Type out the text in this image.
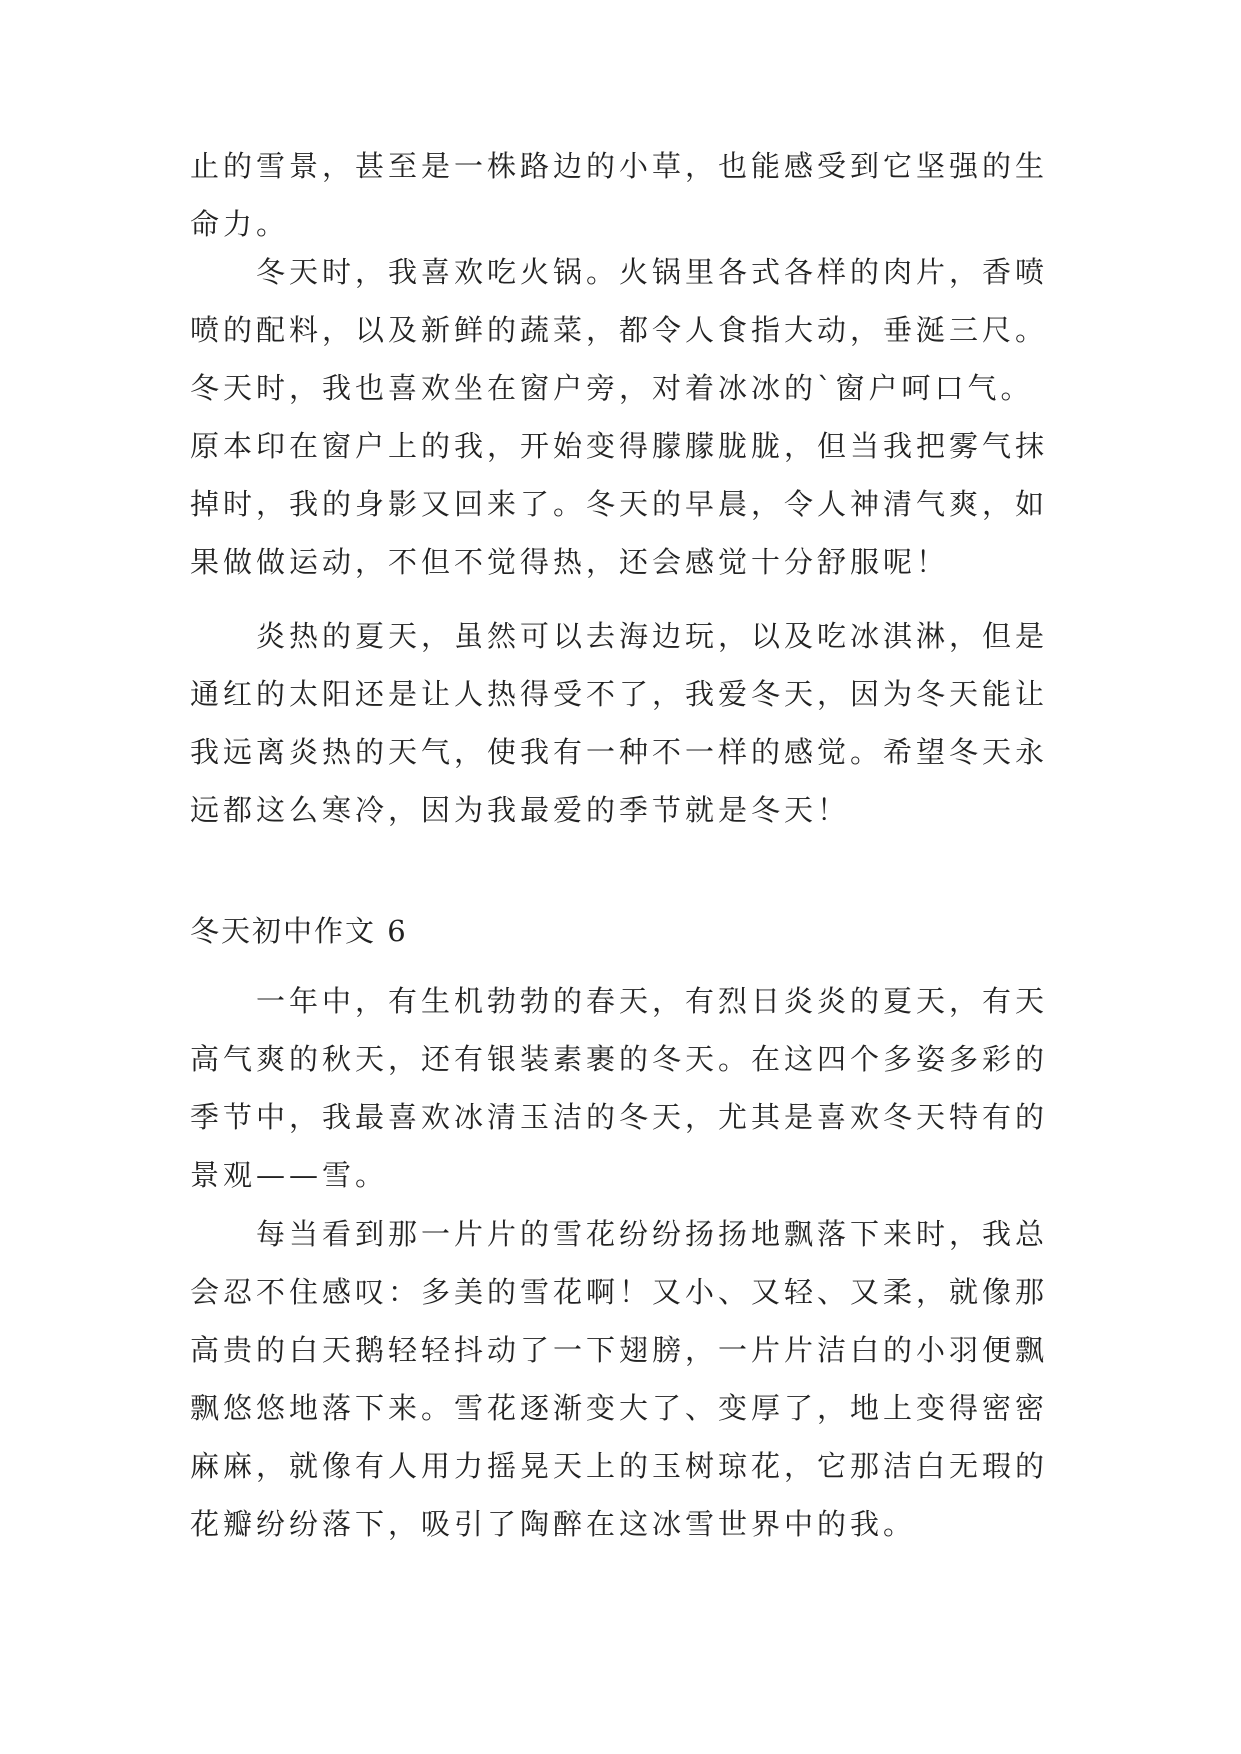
止的雪景，甚至是一株路边的小草，也能感受到它坚强的生
命力。
冬天时，我喜欢吃火锅。火锅里各式各样的肉片，香喷
喷的配料，以及新鲜的蔬菜，都令人食指大动，垂涎三尺。
冬天时，我也喜欢坐在窗户旁，对着冰冰的`窗户呵口气。
原本印在窗户上的我，开始变得朦朦胧胧，但当我把雾气抹
掉时，我的身影又回来了。冬天的早晨，令人神清气爽，如
果做做运动，不但不觉得热，还会感觉十分舒服呢！
炎热的夏天，虽然可以去海边玩，以及吃冰淇淋，但是
通红的太阳还是让人热得受不了，我爱冬天，因为冬天能让
我远离炎热的天气，使我有一种不一样的感觉。希望冬天永
远都这么寒冷，因为我最爱的季节就是冬天！
冬天初中作文 6
一年中，有生机勃勃的春天，有烈日炎炎的夏天，有天
高气爽的秋天，还有银装素裹的冬天。在这四个多姿多彩的
季节中，我最喜欢冰清玉洁的冬天，尤其是喜欢冬天特有的
景观——雪。
每当看到那一片片的雪花纷纷扬扬地飘落下来时，我总
会忍不住感叹：多美的雪花啊！又小、又轻、又柔，就像那
高贵的白天鹅轻轻抖动了一下翅膀，一片片洁白的小羽便飘
飘悠悠地落下来。雪花逐渐变大了、变厚了，地上变得密密
麻麻，就像有人用力摇晃天上的玉树琼花，它那洁白无瑕的
花瓣纷纷落下，吸引了陶醉在这冰雪世界中的我。
